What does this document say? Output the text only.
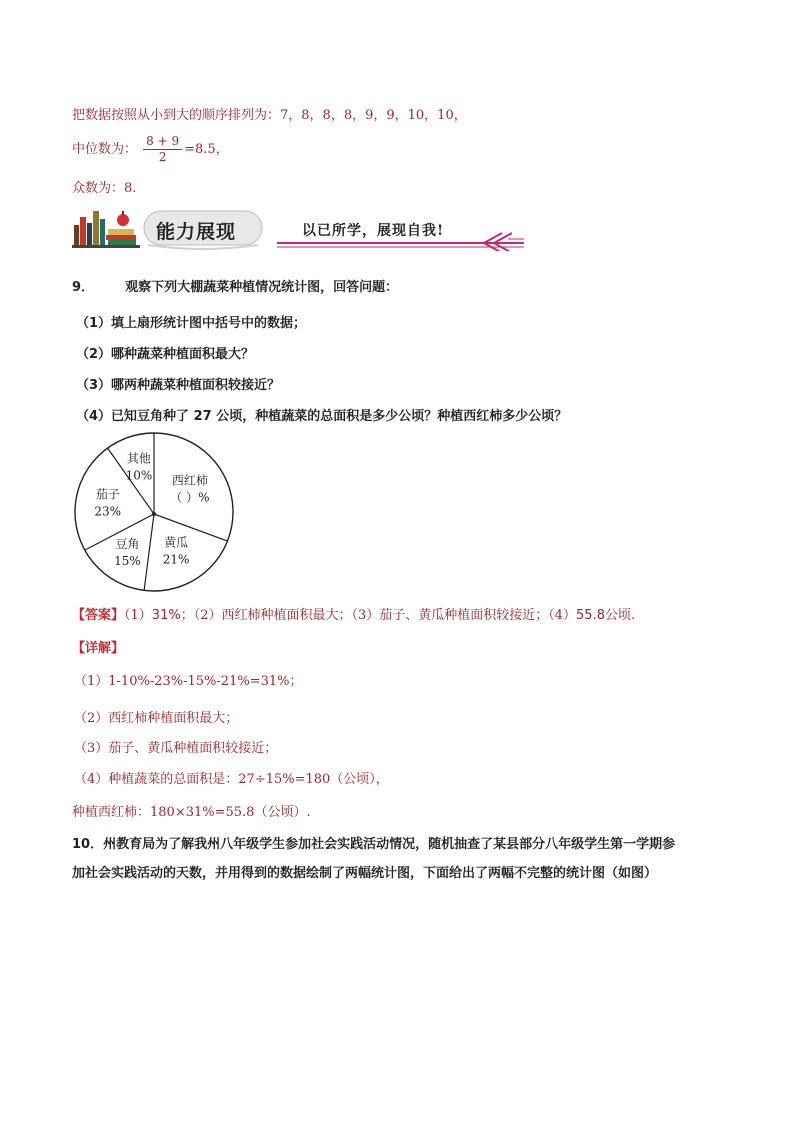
把数据按照从小到大的顺序排列为：7，8，8，8，9，9，10，10，
中位数为： $\frac{8 + 9}{2} =8.5$，
众数为：8.
能力展现	以已所学，展现自我!
9． 观察下列大棚蔬菜种植情况统计图，回答问题：
（1）填上扇形统计图中括号中的数据；
（2）哪种蔬菜种植面积最大？
（3）哪两种蔬菜种植面积较接近？
（4）已知豆角种了 27 公顷，种植蔬菜的总面积是多少公顷？种植西红柿多少公顷？
其他
10% 西红柿
（ ）%
黄瓜
21%
豆角
15%
茄子
23%
【答案】（1）31%；（2）西红柿种植面积最大；（3）茄子、黄瓜种植面积较接近；（4）55.8公顷.
【详解】
（1）1-10%-23%-15%-21%=31%；
（2）西红柿种植面积最大；
（3）茄子、黄瓜种植面积较接近；
（4）种植蔬菜的总面积是：27÷15%=180（公顷），
种植西红柿：180×31%=55.8（公顷）.
10．州教育局为了解我州八年级学生参加社会实践活动情况，随机抽查了某县部分八年级学生第一学期参
加社会实践活动的天数，并用得到的数据绘制了两幅统计图，下面给出了两幅不完整的统计图（如图）
